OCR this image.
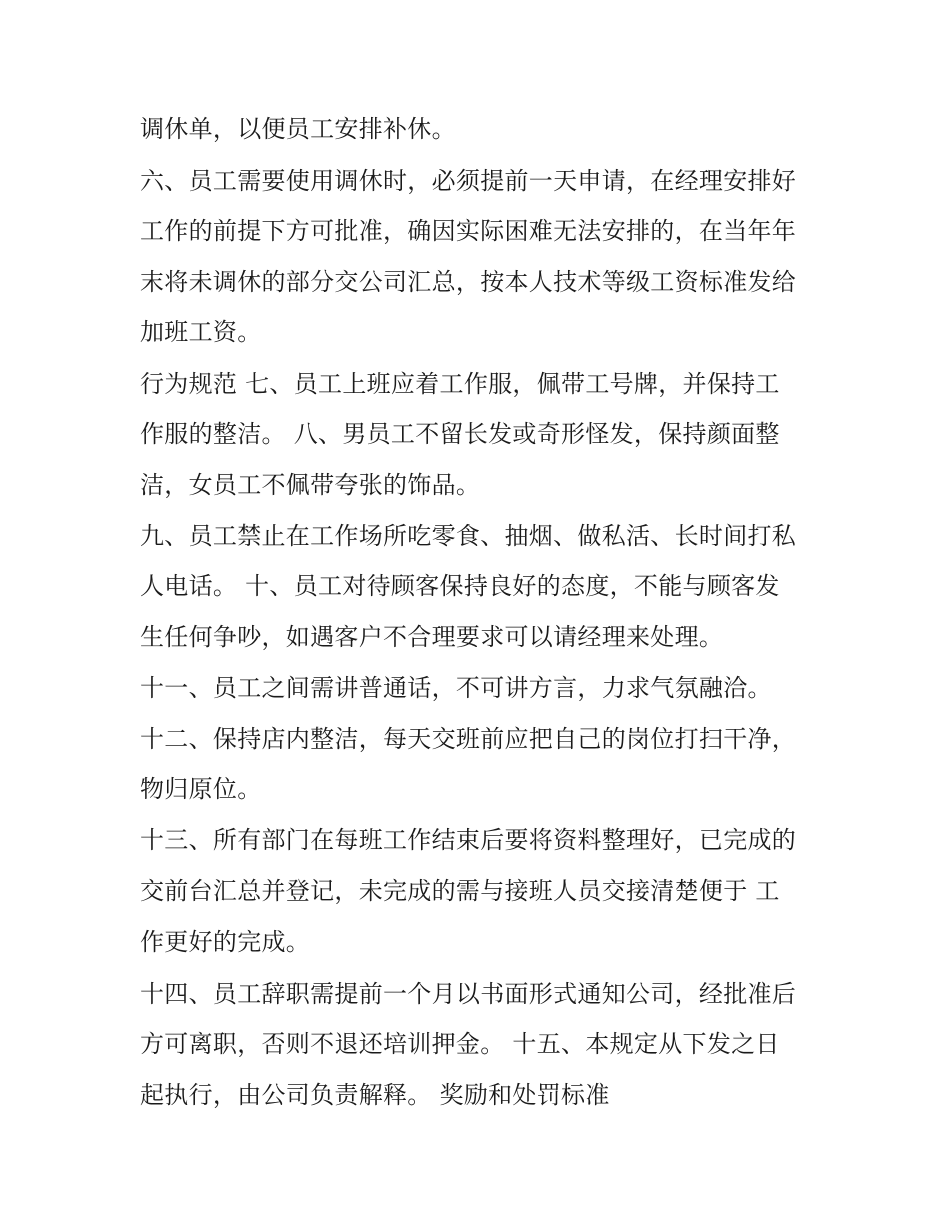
调休单，以便员工安排补休。
六、员工需要使用调休时，必须提前一天申请，在经理安排好
工作的前提下方可批准，确因实际困难无法安排的，在当年年
末将未调休的部分交公司汇总，按本人技术等级工资标准发给
加班工资。
行为规范 七、员工上班应着工作服，佩带工号牌，并保持工
作服的整洁。 八、男员工不留长发或奇形怪发，保持颜面整
洁，女员工不佩带夸张的饰品。
九、员工禁止在工作场所吃零食、抽烟、做私活、长时间打私
人电话。 十、员工对待顾客保持良好的态度，不能与顾客发
生任何争吵，如遇客户不合理要求可以请经理来处理。
十一、员工之间需讲普通话，不可讲方言，力求气氛融洽。
十二、保持店内整洁，每天交班前应把自己的岗位打扫干净，
物归原位。
十三、所有部门在每班工作结束后要将资料整理好，已完成的
交前台汇总并登记，未完成的需与接班人员交接清楚便于 工
作更好的完成。
十四、员工辞职需提前一个月以书面形式通知公司，经批准后
方可离职，否则不退还培训押金。 十五、本规定从下发之日
起执行，由公司负责解释。 奖励和处罚标准
